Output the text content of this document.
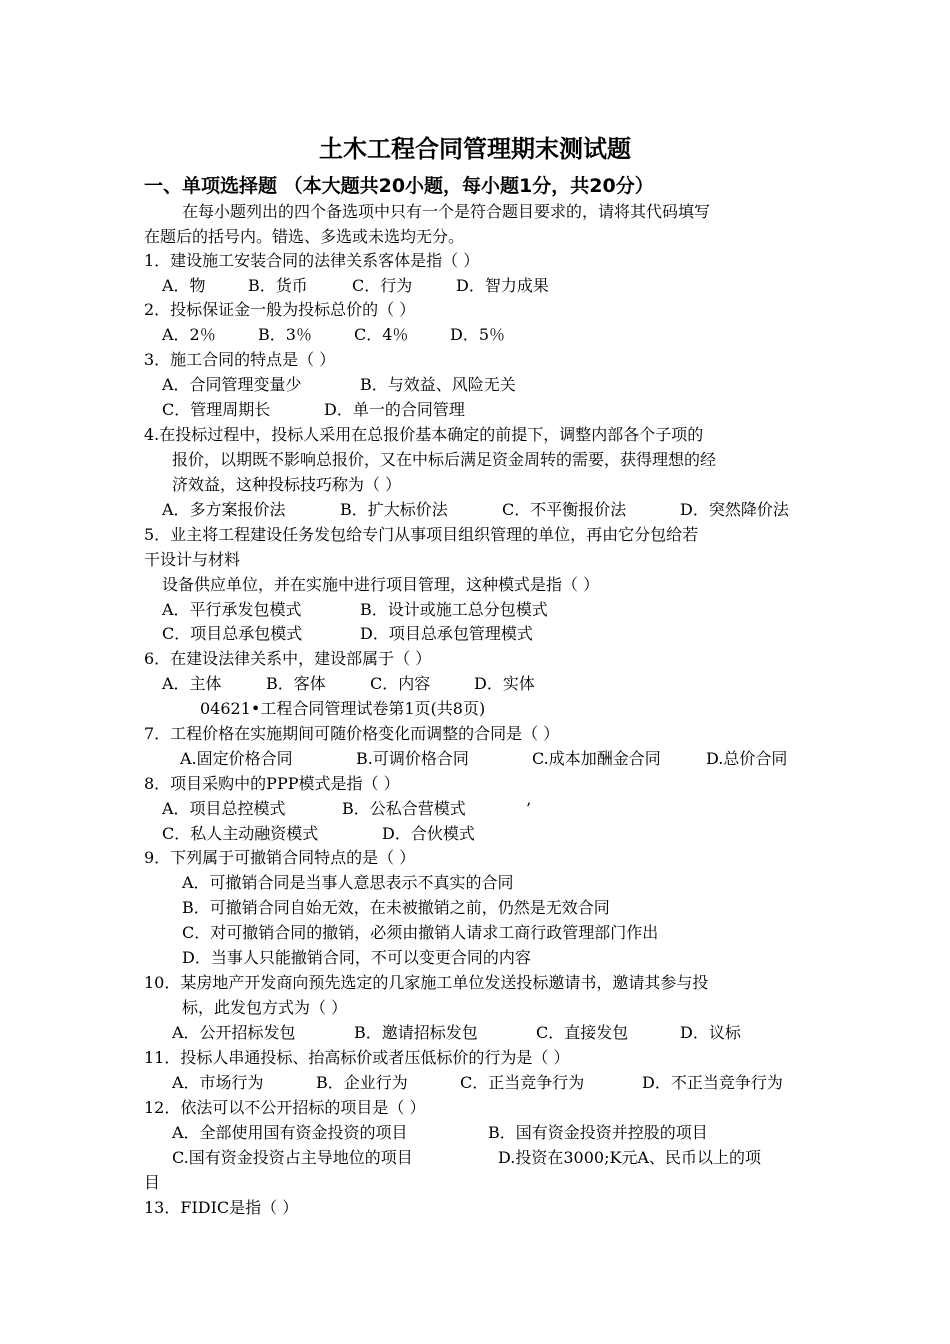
土木工程合同管理期末测试题
一、单项选择题 （本大题共20小题，每小题1分，共20分）
在每小题列出的四个备选项中只有一个是符合题目要求的，请将其代码填写
在题后的括号内。错选、多选或未选均无分。
1．建设施工安装合同的法律关系客体是指（ ）
A．物	B．货币	C．行为	D．智力成果
2．投标保证金一般为投标总价的（ ）
A．2％	B．3％	C．4％	D．5％
3．施工合同的特点是（ ）
A．合同管理变量少	B．与效益、风险无关
C．管理周期长	D．单一的合同管理
4.在投标过程中，投标人采用在总报价基本确定的前提下，调整内部各个子项的
报价，以期既不影响总报价，又在中标后满足资金周转的需要，获得理想的经
济效益，这种投标技巧称为（ ）
A．多方案报价法	B．扩大标价法	C．不平衡报价法	D．突然降价法
5．业主将工程建设任务发包给专门从事项目组织管理的单位，再由它分包给若
干设计与材料
设备供应单位，并在实施中进行项目管理，这种模式是指（ ）
A．平行承发包模式	B．设计或施工总分包模式
C．项目总承包模式	D．项目总承包管理模式
6．在建设法律关系中，建设部属于（ ）
A．主体	B．客体	C．内容	D．实体
04621•工程合同管理试卷第1页(共8页)
7．工程价格在实施期间可随价格变化而调整的合同是（ ）
A.固定价格合同	B.可调价格合同	C.成本加酬金合同	D.总价合同
8．项目采购中的PPP模式是指（ ）
A．项目总控模式	B．公私合营模式	’
C．私人主动融资模式	D．合伙模式
9．下列属于可撤销合同特点的是（ ）
A．可撤销合同是当事人意思表示不真实的合同
B．可撤销合同自始无效，在未被撤销之前，仍然是无效合同
C．对可撤销合同的撤销，必须由撤销人请求工商行政管理部门作出
D．当事人只能撤销合同，不可以变更合同的内容
10．某房地产开发商向预先选定的几家施工单位发送投标邀请书，邀请其参与投
标，此发包方式为（ ）
A．公开招标发包	B．邀请招标发包	C．直接发包	D．议标
11．投标人串通投标、抬高标价或者压低标价的行为是（ ）
A．市场行为	B．企业行为	C．正当竞争行为	D．不正当竞争行为
12．依法可以不公开招标的项目是（ ）
A．全部使用国有资金投资的项目	B．国有资金投资并控股的项目
C.国有资金投资占主导地位的项目	D.投资在3000;K元A、民币以上的项
目
13．FIDIC是指（ ）
